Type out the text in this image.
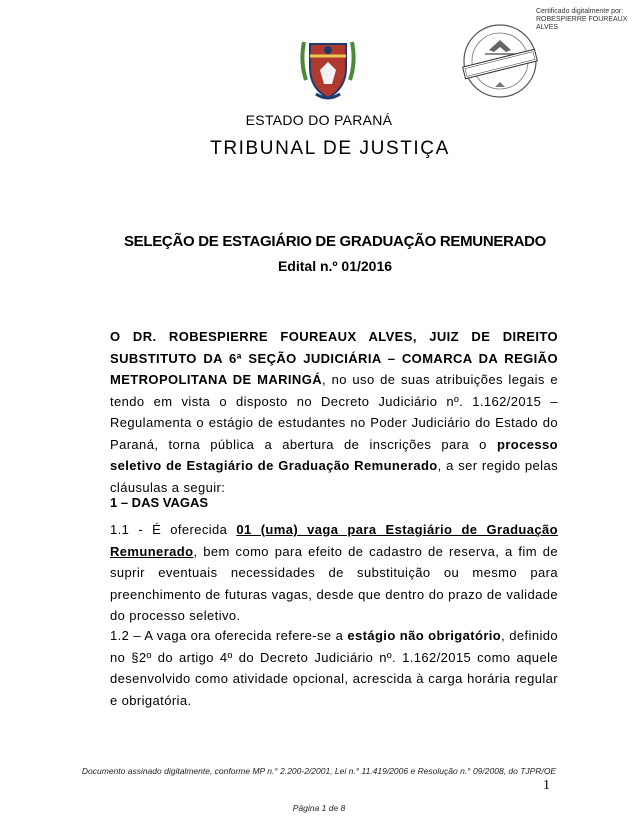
Certificado digitalmente por:
ROBESPIERRE FOUREAUX
ALVES
ESTADO DO PARANÁ
TRIBUNAL DE JUSTIÇA
SELEÇÃO DE ESTAGIÁRIO DE GRADUAÇÃO REMUNERADO
Edital n.º 01/2016
O DR. ROBESPIERRE FOUREAUX ALVES, JUIZ DE DIREITO SUBSTITUTO DA 6ª SEÇÃO JUDICIÁRIA – COMARCA DA REGIÃO METROPOLITANA DE MARINGÁ, no uso de suas atribuições legais e tendo em vista o disposto no Decreto Judiciário nº. 1.162/2015 – Regulamenta o estágio de estudantes no Poder Judiciário do Estado do Paraná, torna pública a abertura de inscrições para o processo seletivo de Estagiário de Graduação Remunerado, a ser regido pelas cláusulas a seguir:
1 – DAS VAGAS
1.1 - É oferecida 01 (uma) vaga para Estagiário de Graduação Remunerado, bem como para efeito de cadastro de reserva, a fim de suprir eventuais necessidades de substituição ou mesmo para preenchimento de futuras vagas, desde que dentro do prazo de validade do processo seletivo.
1.2 – A vaga ora oferecida refere-se a estágio não obrigatório, definido no §2º do artigo 4º do Decreto Judiciário nº. 1.162/2015 como aquele desenvolvido como atividade opcional, acrescida à carga horária regular e obrigatória.
Documento assinado digitalmente, conforme MP n.° 2.200-2/2001, Lei n.° 11.419/2006 e Resolução n.° 09/2008, do TJPR/OE
1
Página 1 de 8
